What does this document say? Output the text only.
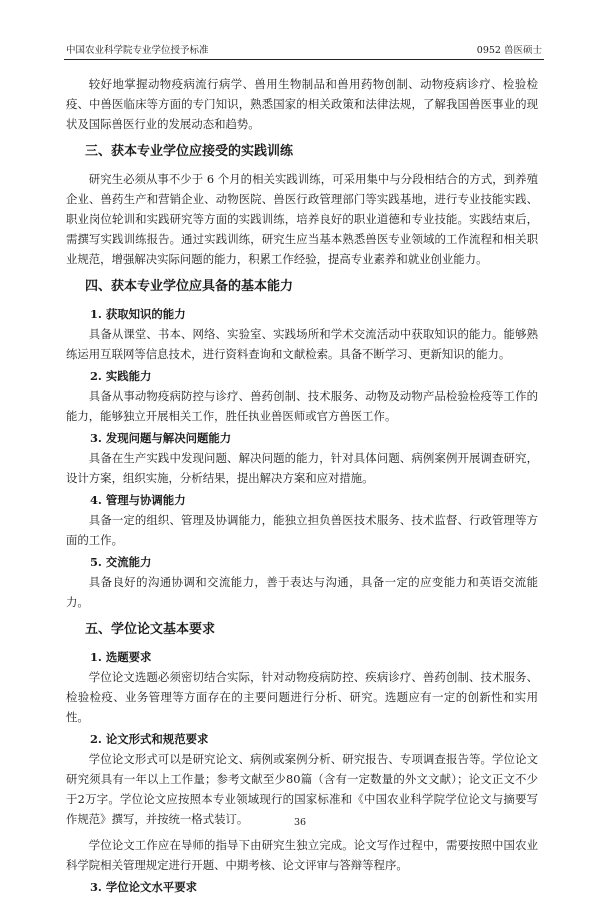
中国农业科学院专业学位授予标准	0952 兽医硕士

较好地掌握动物疫病流行病学、兽用生物制品和兽用药物创制、动物疫病诊疗、检验检疫、中兽医临床等方面的专门知识，熟悉国家的相关政策和法律法规，了解我国兽医事业的现状及国际兽医行业的发展动态和趋势。

三、获本专业学位应接受的实践训练

研究生必须从事不少于 6 个月的相关实践训练，可采用集中与分段相结合的方式，到养殖企业、兽药生产和营销企业、动物医院、兽医行政管理部门等实践基地，进行专业技能实践、职业岗位轮训和实践研究等方面的实践训练，培养良好的职业道德和专业技能。实践结束后，需撰写实践训练报告。通过实践训练，研究生应当基本熟悉兽医专业领域的工作流程和相关职业规范，增强解决实际问题的能力，积累工作经验，提高专业素养和就业创业能力。

四、获本专业学位应具备的基本能力
1. 获取知识的能力

具备从课堂、书本、网络、实验室、实践场所和学术交流活动中获取知识的能力。能够熟练运用互联网等信息技术，进行资料查询和文献检索。具备不断学习、更新知识的能力。

2. 实践能力

具备从事动物疫病防控与诊疗、兽药创制、技术服务、动物及动物产品检验检疫等工作的能力，能够独立开展相关工作，胜任执业兽医师或官方兽医工作。

3. 发现问题与解决问题能力

具备在生产实践中发现问题、解决问题的能力，针对具体问题、病例案例开展调查研究，设计方案，组织实施，分析结果，提出解决方案和应对措施。

4. 管理与协调能力

具备一定的组织、管理及协调能力，能独立担负兽医技术服务、技术监督、行政管理等方面的工作。

5. 交流能力

具备良好的沟通协调和交流能力，善于表达与沟通，具备一定的应变能力和英语交流能力。

五、学位论文基本要求
1. 选题要求

学位论文选题必须密切结合实际，针对动物疫病防控、疾病诊疗、兽药创制、技术服务、检验检疫、业务管理等方面存在的主要问题进行分析、研究。选题应有一定的创新性和实用性。

2. 论文形式和规范要求

学位论文形式可以是研究论文、病例或案例分析、研究报告、专项调查报告等。学位论文研究须具有一年以上工作量；参考文献至少80篇（含有一定数量的外文文献）；论文正文不少于2万字。学位论文应按照本专业领域现行的国家标准和《中国农业科学院学位论文与摘要写作规范》撰写，并按统一格式装订。

学位论文工作应在导师的指导下由研究生独立完成。论文写作过程中，需要按照中国农业科学院相关管理规定进行开题、中期考核、论文评审与答辩等程序。

3. 学位论文水平要求
36
